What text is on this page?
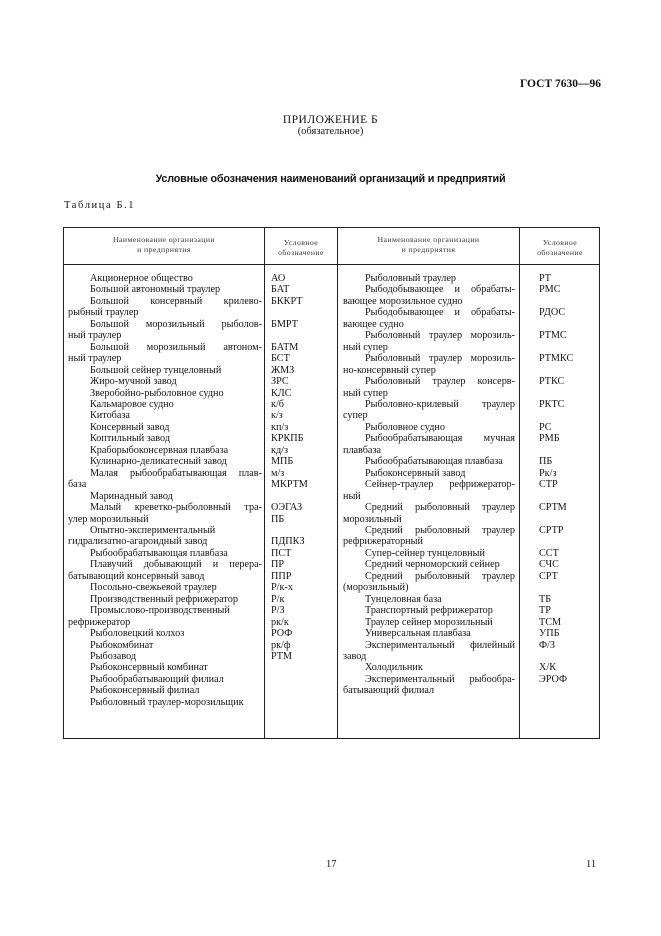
ГОСТ 7630—96
ПРИЛОЖЕНИЕ Б
(обязательное)
Условные обозначения наименований организаций и предприятий
Таблица Б.1
Наименование организации
и предприятия
Условное
обозначение
Наименование организации
и предприятия
Условное
обозначение
Акционерное общество
Большой автономный траулер
Большой консервный крилево-
рыбный траулер
Большой морозильный рыболов-
ный траулер
Большой морозильный автоном-
ный траулер
Большой сейнер тунцеловный
Жиро-мучной завод
Зверобойно-рыболовное судно
Кальмаровое судно
Китобаза
Консервный завод
Коптильный завод
Краборыбоконсервная плавбаза
Кулинарно-деликатесный завод
Малая рыбообрабатывающая плав-
база
Маринадный завод
Малый креветко-рыболовный тра-
улер морозильный
Опытно-экспериментальный
гидрализатно-агароидный завод
Рыбообрабатывающая плавбаза
Плавучий добывающий и перера-
батывающий консервный завод
Посольно-свежьевой траулер
Производственный рефрижератор
Промыслово-производственный
рефрижератор
Рыболовецкий колхоз
Рыбокомбинат
Рыбозавод
Рыбоконсервный комбинат
Рыбообрабатывающий филиал
Рыбоконсервный филиал
Рыболовный траулер-морозильщик
АО
БАТ
БККРТ

БМРТ

БАТМ
БСТ
ЖМЗ
ЗРС
КЛС
к/б
к/з
кп/з
КРКПБ
кд/з
МПБ
м/з
МКРТМ

ОЭГАЗ
ПБ

ПДПКЗ
ПСТ
ПР
ППР
Р/к-х
Р/к
Р/З
рк/к
РОФ
рк/ф
РТМ
Рыболовный траулер
Рыбодобывающее и обрабаты-
вающее морозильное судно
Рыбодобывающее и обрабаты-
вающее судно
Рыболовный траулер морозиль-
ный супер
Рыболовный траулер морозиль-
но-консервный супер
Рыболовный траулер консерв-
ный супер
Рыболовно-крилевый траулер
супер
Рыболовное судно
Рыбообрабатывающая мучная
плавбаза
Рыбообрабатывающая плавбаза
Рыбоконсервный завод
Сейнер-траулер рефрижератор-
ный
Средний рыболовный траулер
морозильный
Средний рыболовный траулер
рефрижераторный
Супер-сейнер тунцеловный
Средний черноморский сейнер
Средний рыболовный траулер
(морозильный)
Тунцеловная база
Транспортный рефрижератор
Траулер сейнер морозильный
Универсальная плавбаза
Экспериментальный филейный
завод
Холодильник
Экспериментальный рыбообра-
батывающий филиал
РТ
РМС

РДОС

РТМС

РТМКС

РТКС

РКТС

РС
РМБ

ПБ
Рк/з
СТР

СРТМ

СРТР

ССТ
СЧС
СРТ

ТБ
ТР
ТСМ
УПБ
Ф/З

Х/К
ЭРОФ

17	11
